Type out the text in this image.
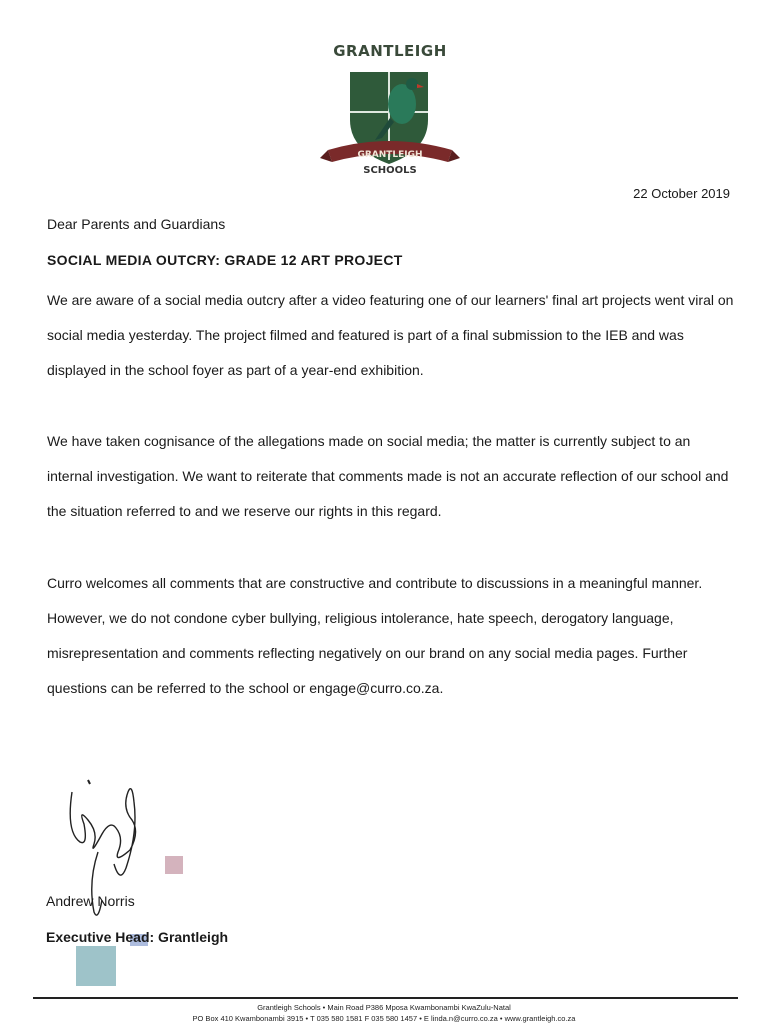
GRANTLEIGH
GRANTLEIGH
SCHOOLS
22 October 2019
Dear Parents and Guardians
SOCIAL MEDIA OUTCRY: GRADE 12 ART PROJECT
We are aware of a social media outcry after a video featuring one of our learners' final art projects went viral on social media yesterday. The project filmed and featured is part of a final submission to the IEB and was displayed in the school foyer as part of a year-end exhibition.
We have taken cognisance of the allegations made on social media; the matter is currently subject to an internal investigation. We want to reiterate that comments made is not an accurate reflection of our school and the situation referred to and we reserve our rights in this regard.
Curro welcomes all comments that are constructive and contribute to discussions in a meaningful manner. However, we do not condone cyber bullying, religious intolerance, hate speech, derogatory language, misrepresentation and comments reflecting negatively on our brand on any social media pages. Further questions can be referred to the school or engage@curro.co.za.
Andrew Norris
Executive Head: Grantleigh
Grantleigh Schools • Main Road P386 Mposa Kwambonambi KwaZulu-Natal
PO Box 410 Kwambonambi 3915 • T 035 580 1581 F 035 580 1457 • E linda.n@curro.co.za • www.grantleigh.co.za
